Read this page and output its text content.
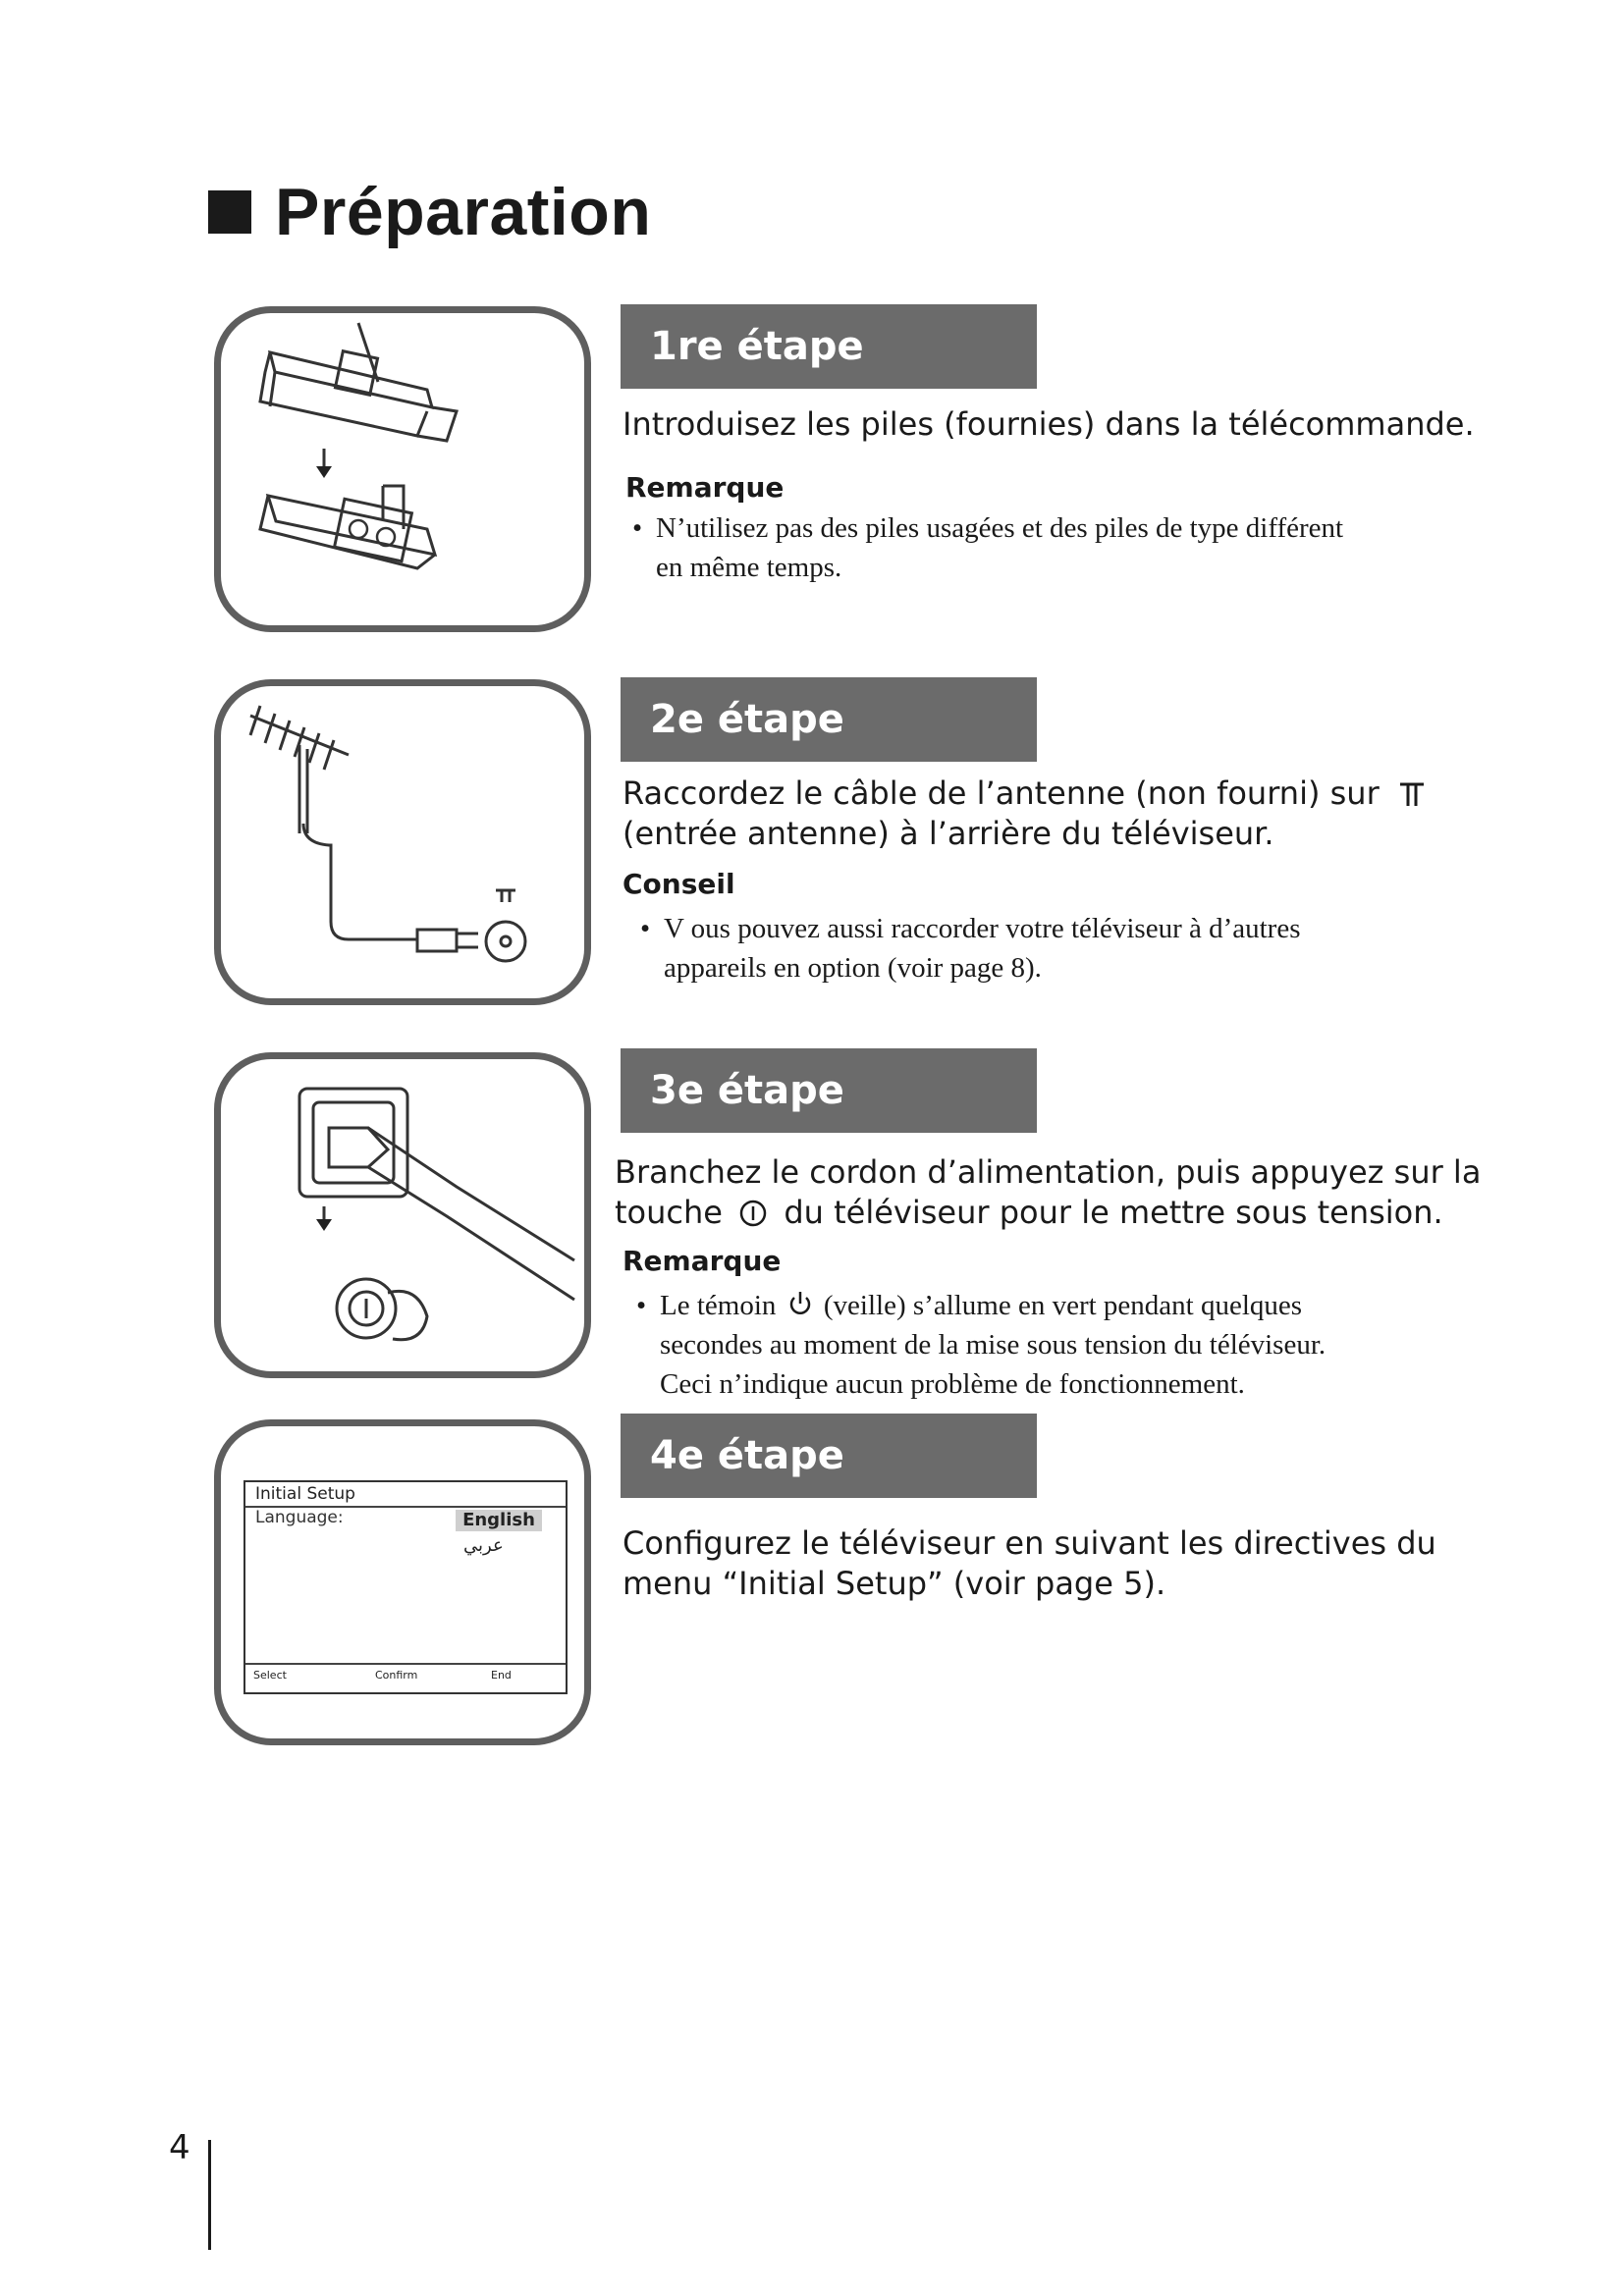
Préparation
1re étape
Introduisez les piles (fournies) dans la télécommande.
Remarque
• N’utilisez pas des piles usagées et des piles de type différent
en même temps.
2e étape
Raccordez le câble de l’antenne (non fourni) sur
(entrée antenne) à l’arrière du téléviseur.
Conseil
• V ous pouvez aussi raccorder votre téléviseur à d’autres
appareils en option (voir page 8).
3e étape
Branchez le cordon d’alimentation, puis appuyez sur la
touche du téléviseur pour le mettre sous tension.
Remarque
• Le témoin (veille) s’allume en vert pendant quelques
secondes au moment de la mise sous tension du téléviseur.
Ceci n’indique aucun problème de fonctionnement.
Initial Setup
Language:	English
عربي
Select	Confirm	End
4e étape
Configurez le téléviseur en suivant les directives du
menu “Initial Setup” (voir page 5).
4
